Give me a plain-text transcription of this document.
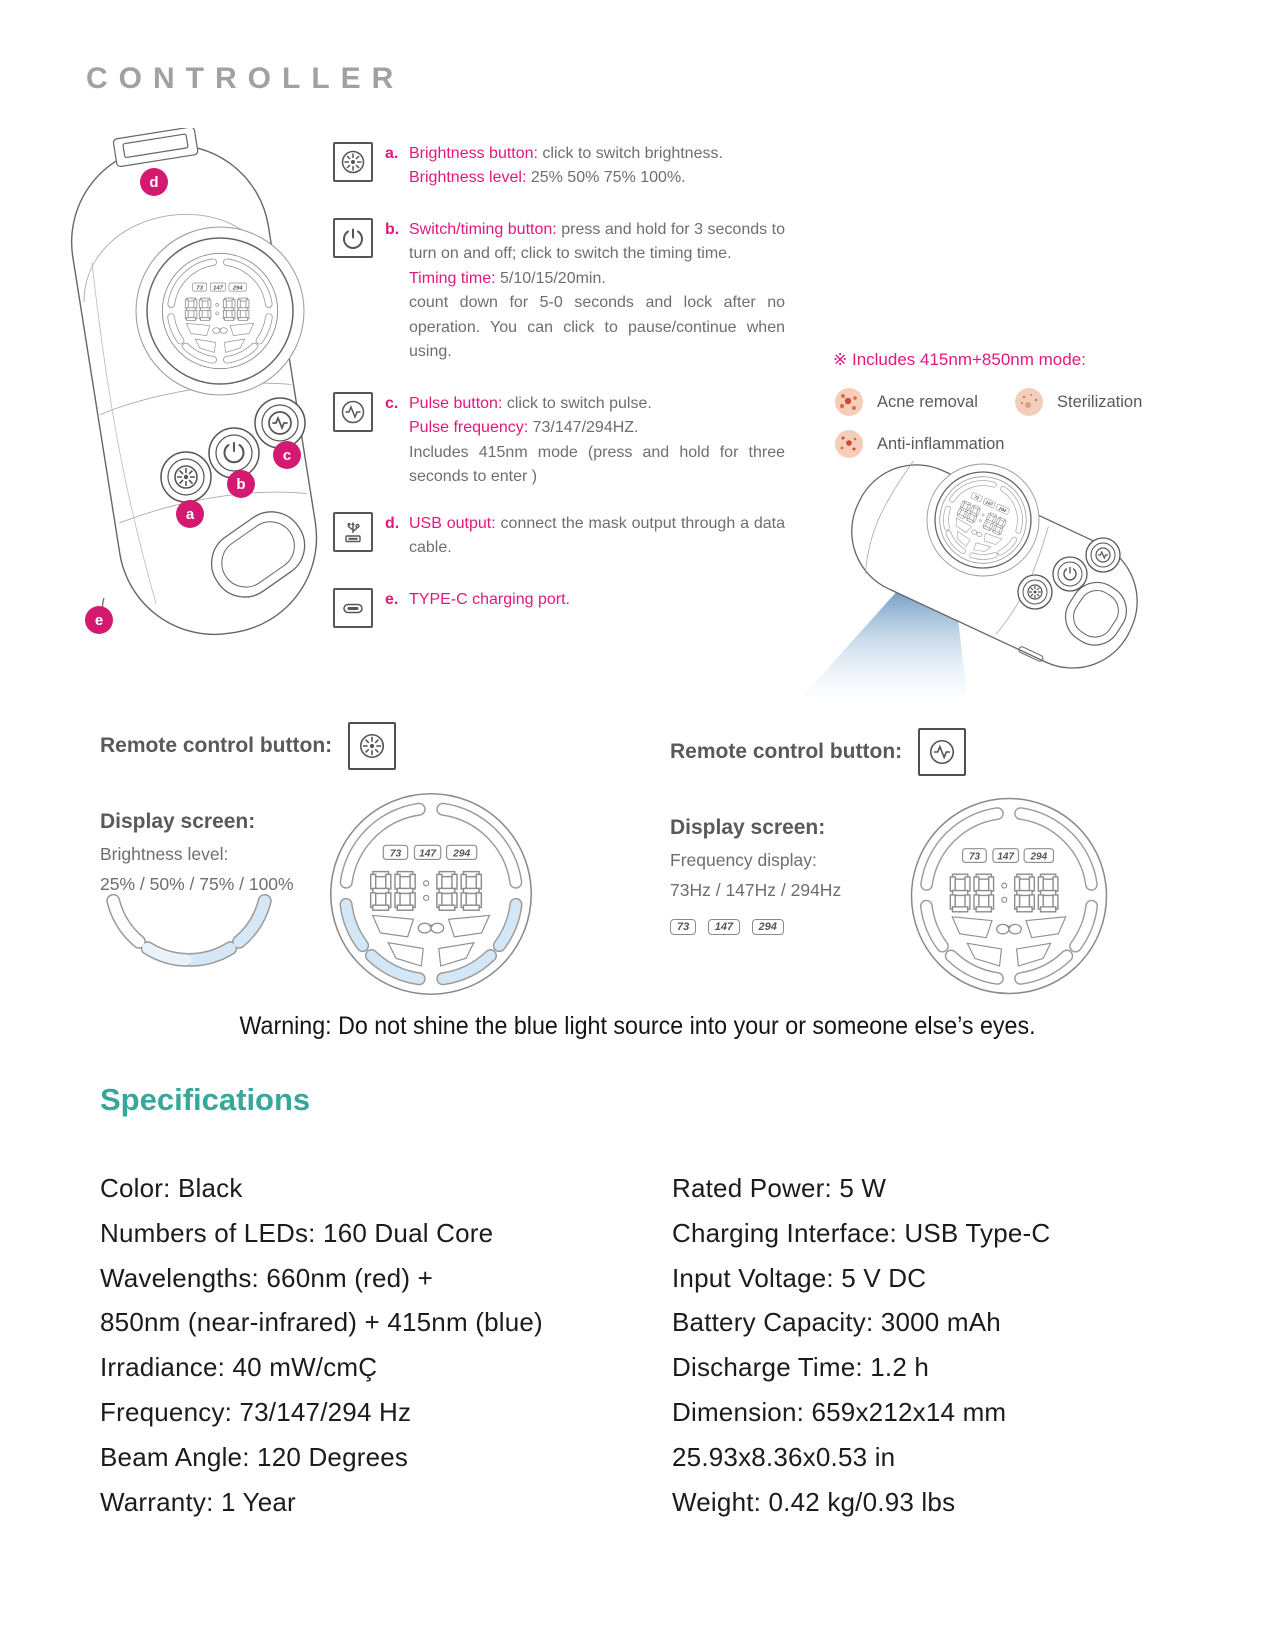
CONTROLLER
d
c
b
a
e

a. Brightness button: click to switch brightness.

Brightness level: 25% 50% 75% 100%.

b. Switch/timing button: press and hold for 3 seconds to turn on and off; click to switch the timing time.

Timing time: 5/10/15/20min.

count down for 5-0 seconds and lock after no operation. You can click to pause/continue when using.

c. Pulse button: click to switch pulse.

Pulse frequency: 73/147/294HZ.

Includes 415nm mode (press and hold for three seconds to enter )

d. USB output: connect the mask output through a data cable.

e. TYPE-C charging port.

※ Includes 415nm+850nm mode:

Acne removal	Sterilization
Anti-inflammation
Remote control button:
Display screen:
Brightness level:
25% / 50% / 75% / 100%
Remote control button:
Display screen:
Frequency display:
73Hz / 147Hz / 294Hz
73 147 294
Warning: Do not shine the blue light source into your or someone else’s eyes.
Specifications
Color: Black
Numbers of LEDs: 160 Dual Core
Wavelengths: 660nm (red) +
850nm (near-infrared) + 415nm (blue)
Irradiance: 40 mW/cmÇ
Frequency: 73/147/294 Hz
Beam Angle: 120 Degrees
Warranty: 1 Year
Rated Power: 5 W
Charging Interface: USB Type-C
Input Voltage: 5 V DC
Battery Capacity: 3000 mAh
Discharge Time: 1.2 h
Dimension: 659x212x14 mm
25.93x8.36x0.53 in
Weight: 0.42 kg/0.93 lbs
